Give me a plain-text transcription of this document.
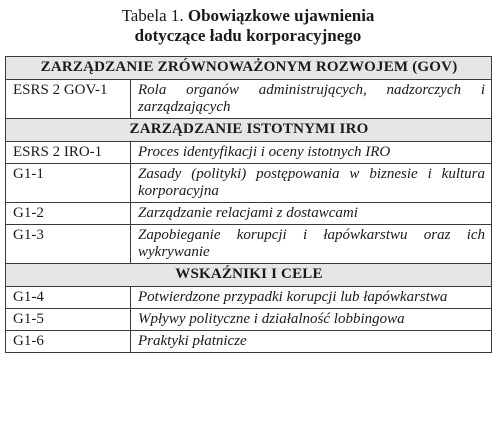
Tabela 1. Obowiązkowe ujawnienia
dotyczące ładu korporacyjnego
ZARZĄDZANIE ZRÓWNOWAŻONYM ROZWOJEM (GOV)	
ESRS 2 GOV-1	Rola organów administrujących, nadzorczych i zarządzających
ZARZĄDZANIE ISTOTNYMI IRO	
ESRS 2 IRO-1	Proces identyfikacji i oceny istotnych IRO
G1-1	Zasady (polityki) postępowania w biznesie i kultura korporacyjna
G1-2	Zarządzanie relacjami z dostawcami
G1-3	Zapobieganie korupcji i łapówkarstwu oraz ich wykrywanie
WSKAŹNIKI I CELE	
G1-4	Potwierdzone przypadki korupcji lub łapówkarstwa
G1-5	Wpływy polityczne i działalność lobbingowa
G1-6	Praktyki płatnicze
